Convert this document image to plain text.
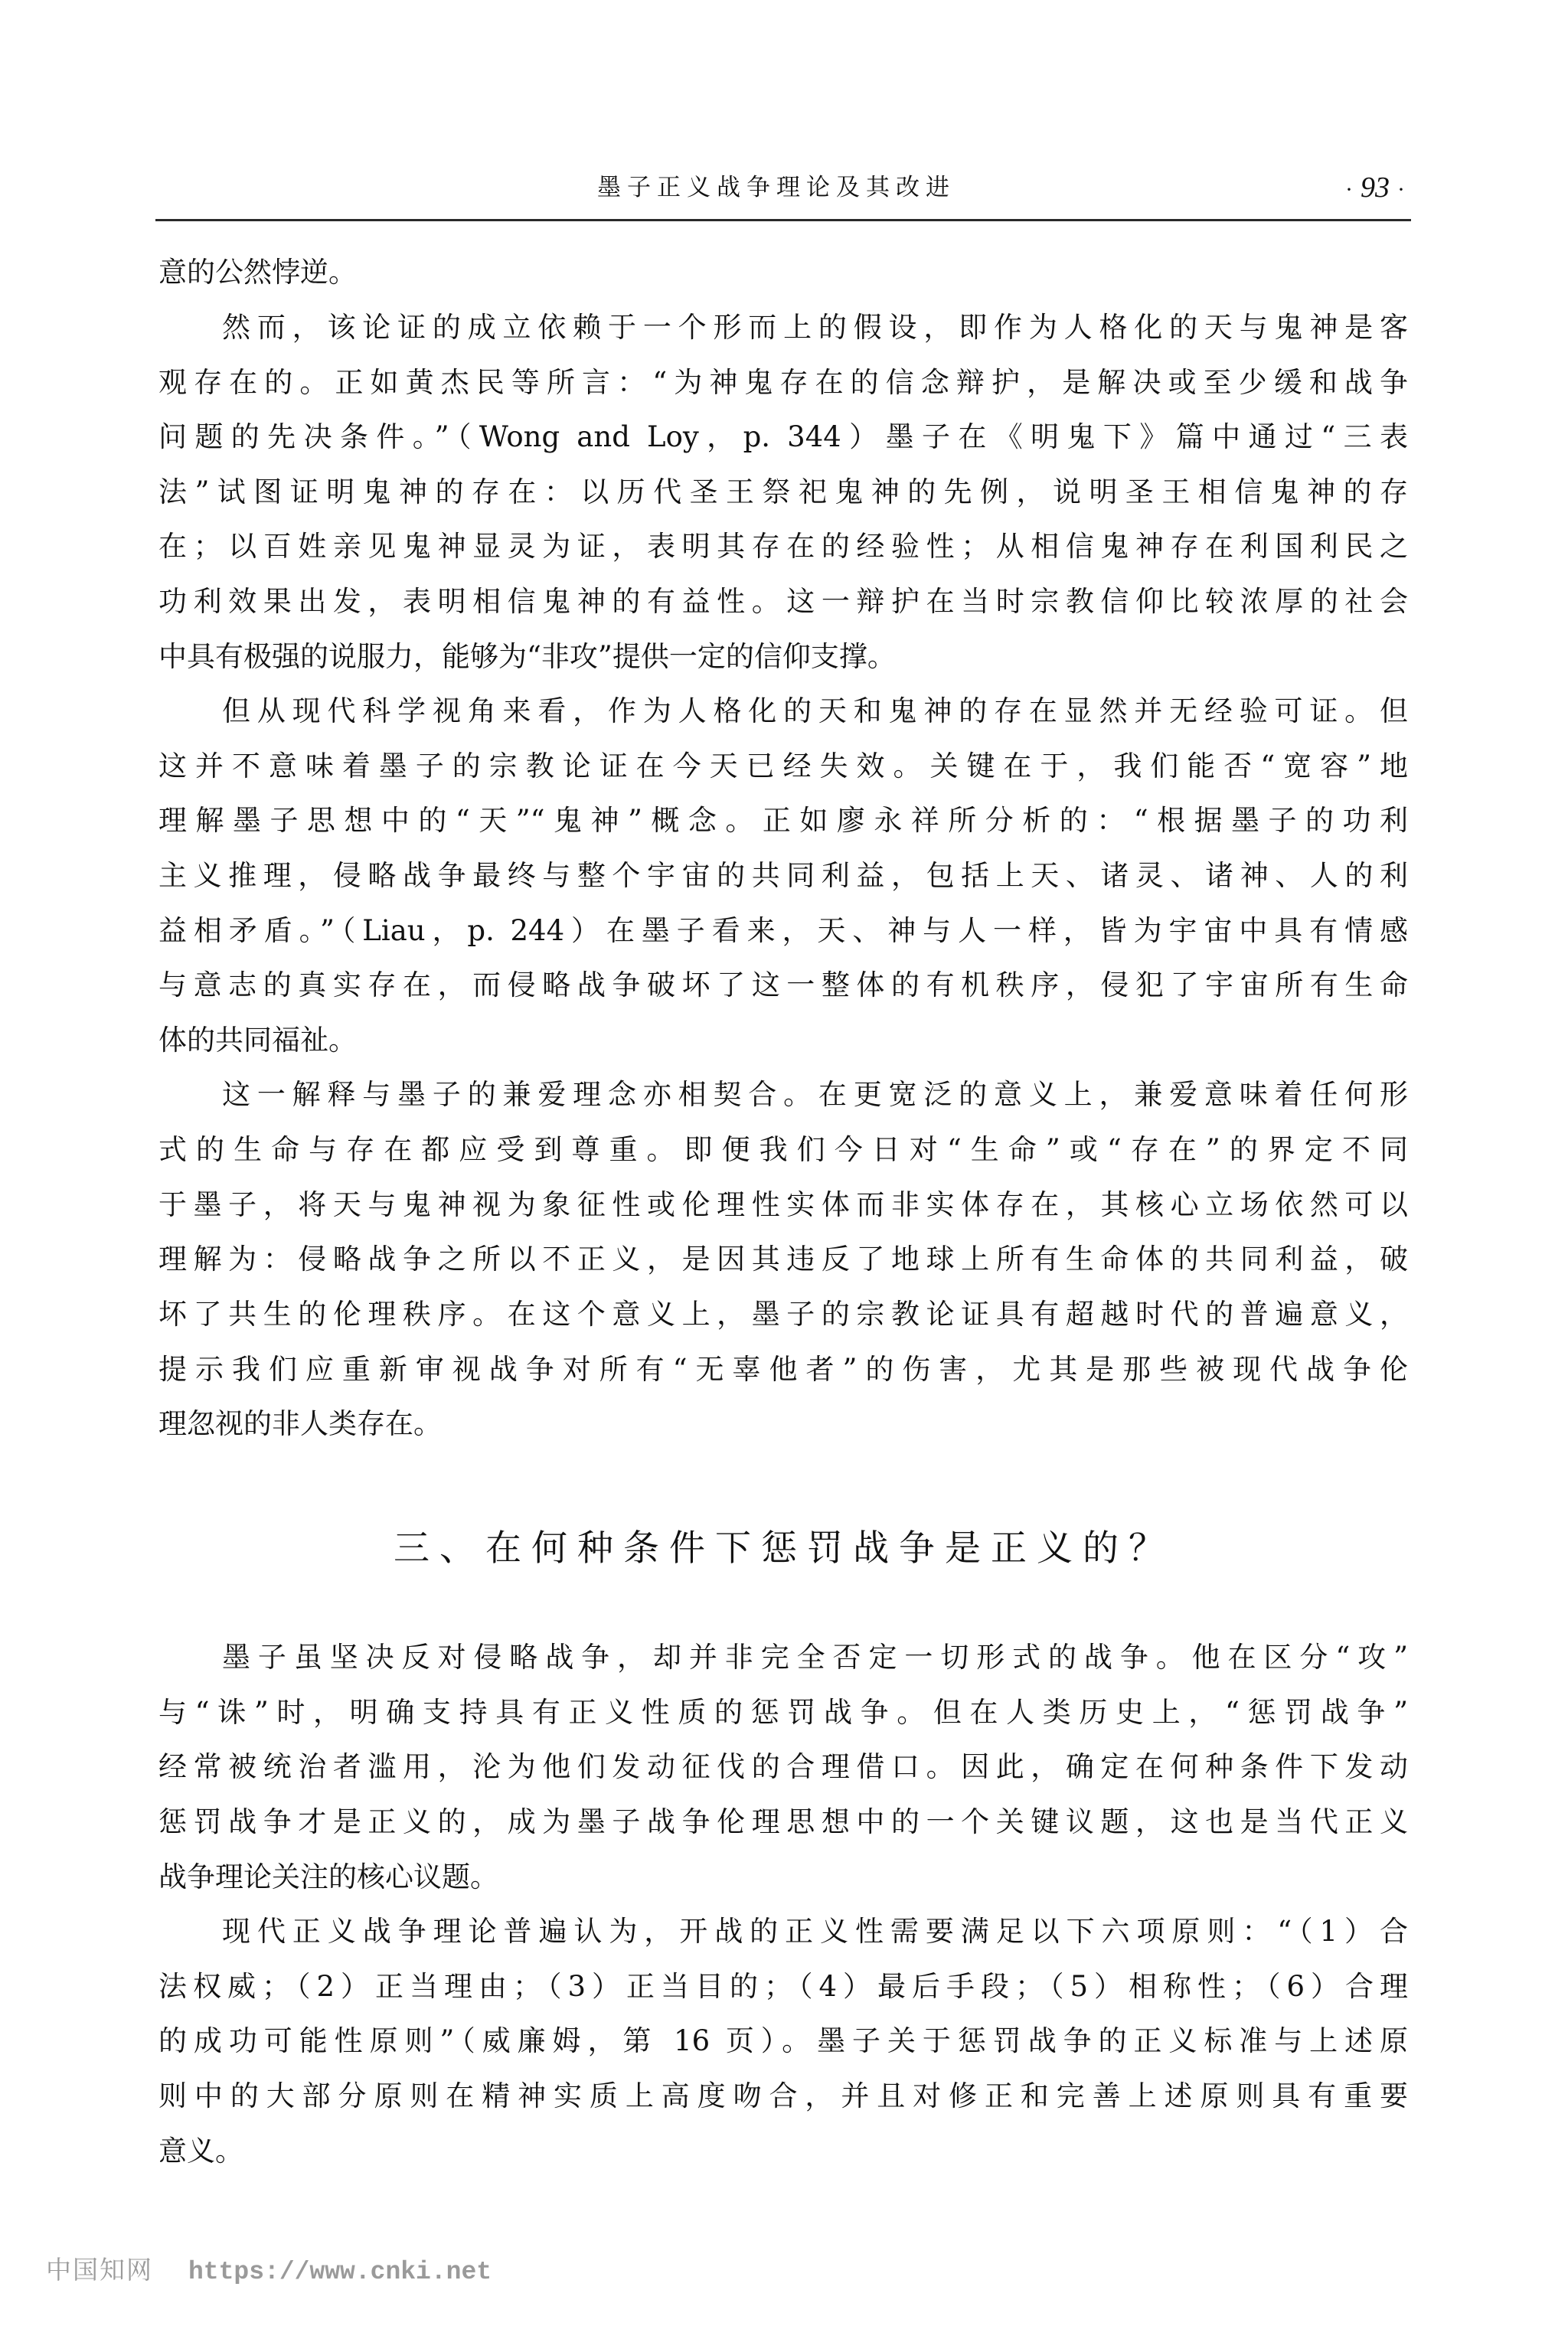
墨子正义战争理论及其改进	· 93 ·
意的公然悖逆。
然而，该论证的成立依赖于一个形而上的假设，即作为人格化的天与鬼神是客
观存在的。正如黄杰民等所言：“为神鬼存在的信念辩护，是解决或至少缓和战争
问题的先决条件。”（Wong and Loy，p. 344）墨子在《明鬼下》篇中通过“三表
法”试图证明鬼神的存在：以历代圣王祭祀鬼神的先例，说明圣王相信鬼神的存
在；以百姓亲见鬼神显灵为证，表明其存在的经验性；从相信鬼神存在利国利民之
功利效果出发，表明相信鬼神的有益性。这一辩护在当时宗教信仰比较浓厚的社会
中具有极强的说服力，能够为“非攻”提供一定的信仰支撑。
但从现代科学视角来看，作为人格化的天和鬼神的存在显然并无经验可证。但
这并不意味着墨子的宗教论证在今天已经失效。关键在于，我们能否“宽容”地
理解墨子思想中的“天”“鬼神”概念。正如廖永祥所分析的：“根据墨子的功利
主义推理，侵略战争最终与整个宇宙的共同利益，包括上天、诸灵、诸神、人的利
益相矛盾。”（Liau，p. 244）在墨子看来，天、神与人一样，皆为宇宙中具有情感
与意志的真实存在，而侵略战争破坏了这一整体的有机秩序，侵犯了宇宙所有生命
体的共同福祉。
这一解释与墨子的兼爱理念亦相契合。在更宽泛的意义上，兼爱意味着任何形
式的生命与存在都应受到尊重。即便我们今日对“生命”或“存在”的界定不同
于墨子，将天与鬼神视为象征性或伦理性实体而非实体存在，其核心立场依然可以
理解为：侵略战争之所以不正义，是因其违反了地球上所有生命体的共同利益，破
坏了共生的伦理秩序。在这个意义上，墨子的宗教论证具有超越时代的普遍意义，
提示我们应重新审视战争对所有“无辜他者”的伤害，尤其是那些被现代战争伦
理忽视的非人类存在。
三、在何种条件下惩罚战争是正义的？
墨子虽坚决反对侵略战争，却并非完全否定一切形式的战争。他在区分“攻”
与“诛”时，明确支持具有正义性质的惩罚战争。但在人类历史上，“惩罚战争”
经常被统治者滥用，沦为他们发动征伐的合理借口。因此，确定在何种条件下发动
惩罚战争才是正义的，成为墨子战争伦理思想中的一个关键议题，这也是当代正义
战争理论关注的核心议题。
现代正义战争理论普遍认为，开战的正义性需要满足以下六项原则：“（1）合
法权威；（2）正当理由；（3）正当目的；（4）最后手段；（5）相称性；（6）合理
的成功可能性原则”（威廉姆，第 16 页）。墨子关于惩罚战争的正义标准与上述原
则中的大部分原则在精神实质上高度吻合，并且对修正和完善上述原则具有重要
意义。
中国知网 https://www.cnki.net
